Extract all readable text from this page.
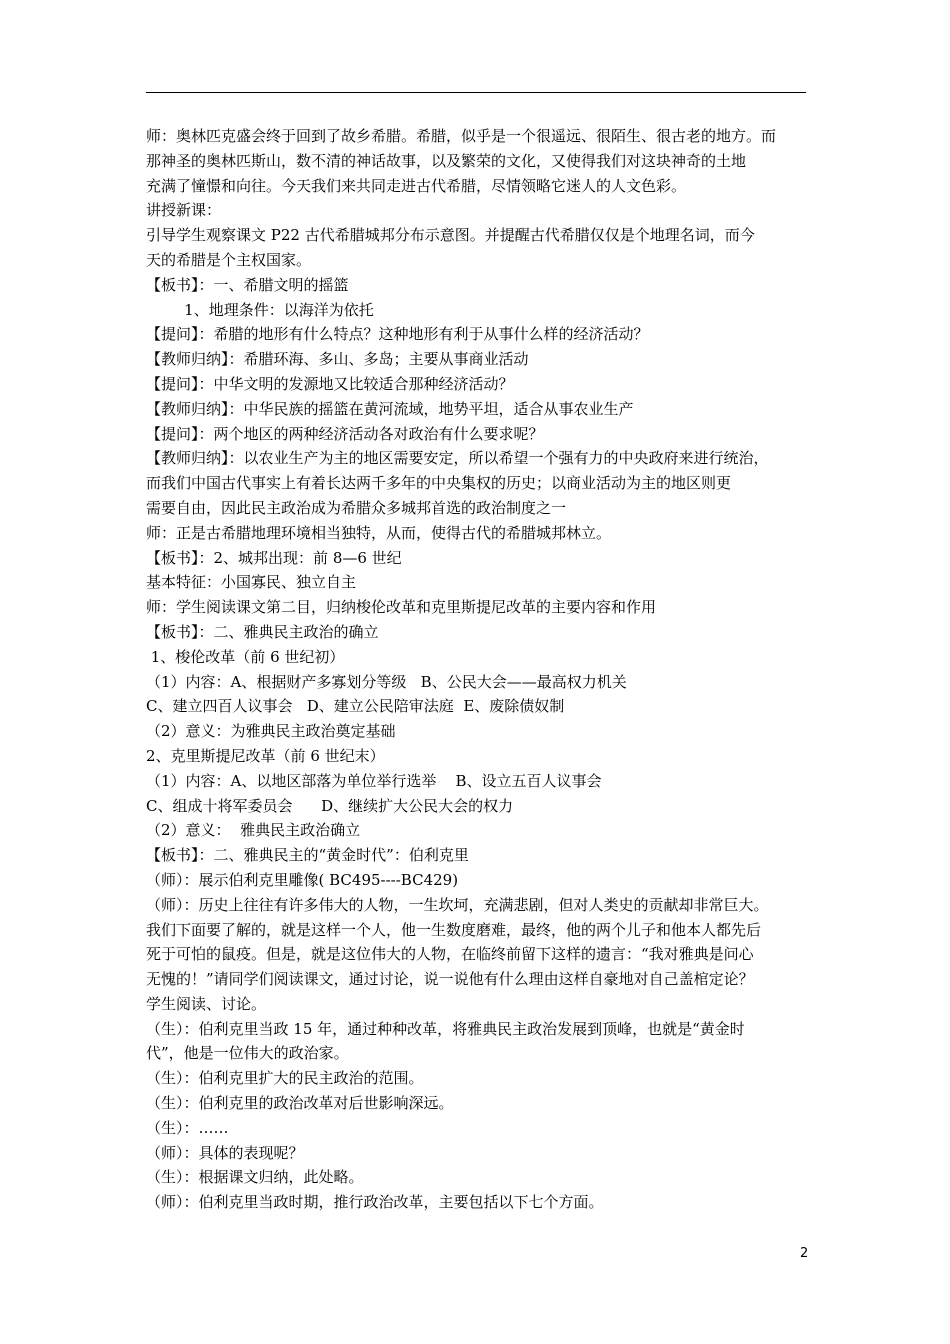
师：奥林匹克盛会终于回到了故乡希腊。希腊，似乎是一个很遥远、很陌生、很古老的地方。而
那神圣的奥林匹斯山，数不清的神话故事，以及繁荣的文化，又使得我们对这块神奇的土地
充满了憧憬和向往。今天我们来共同走进古代希腊，尽情领略它迷人的人文色彩。
讲授新课：
引导学生观察课文 P22 古代希腊城邦分布示意图。并提醒古代希腊仅仅是个地理名词，而今
天的希腊是个主权国家。
【板书】：一、希腊文明的摇篮
1、地理条件：以海洋为依托
【提问】：希腊的地形有什么特点？这种地形有利于从事什么样的经济活动？
【教师归纳】：希腊环海、多山、多岛；主要从事商业活动
【提问】：中华文明的发源地又比较适合那种经济活动？
【教师归纳】：中华民族的摇篮在黄河流域，地势平坦，适合从事农业生产
【提问】：两个地区的两种经济活动各对政治有什么要求呢？
【教师归纳】：以农业生产为主的地区需要安定，所以希望一个强有力的中央政府来进行统治，
而我们中国古代事实上有着长达两千多年的中央集权的历史；以商业活动为主的地区则更
需要自由，因此民主政治成为希腊众多城邦首选的政治制度之一
师：正是古希腊地理环境相当独特，从而，使得古代的希腊城邦林立。
【板书】：2、城邦出现：前 8—6 世纪
基本特征：小国寡民、独立自主
师：学生阅读课文第二目，归纳梭伦改革和克里斯提尼改革的主要内容和作用
【板书】：二、雅典民主政治的确立
1、梭伦改革（前 6 世纪初）
（1）内容：A、根据财产多寡划分等级   B、公民大会——最高权力机关
C、建立四百人议事会   D、建立公民陪审法庭  E、废除债奴制
（2）意义：为雅典民主政治奠定基础
2、克里斯提尼改革（前 6 世纪末）
（1）内容：A、以地区部落为单位举行选举    B、设立五百人议事会
C、组成十将军委员会      D、继续扩大公民大会的权力
（2）意义：  雅典民主政治确立
【板书】：二、雅典民主的“黄金时代”：伯利克里
（师）：展示伯利克里雕像( BC495----BC429)
（师）：历史上往往有许多伟大的人物，一生坎坷，充满悲剧，但对人类史的贡献却非常巨大。
我们下面要了解的，就是这样一个人，他一生数度磨难，最终，他的两个儿子和他本人都先后
死于可怕的鼠疫。但是，就是这位伟大的人物，在临终前留下这样的遗言：“我对雅典是问心
无愧的！”请同学们阅读课文，通过讨论，说一说他有什么理由这样自豪地对自己盖棺定论？
学生阅读、讨论。
（生）：伯利克里当政 15 年，通过种种改革，将雅典民主政治发展到顶峰，也就是“黄金时
代”，他是一位伟大的政治家。
（生）：伯利克里扩大的民主政治的范围。
（生）：伯利克里的政治改革对后世影响深远。
（生）：……
（师）：具体的表现呢？
（生）：根据课文归纳，此处略。
（师）：伯利克里当政时期，推行政治改革，主要包括以下七个方面。
2
